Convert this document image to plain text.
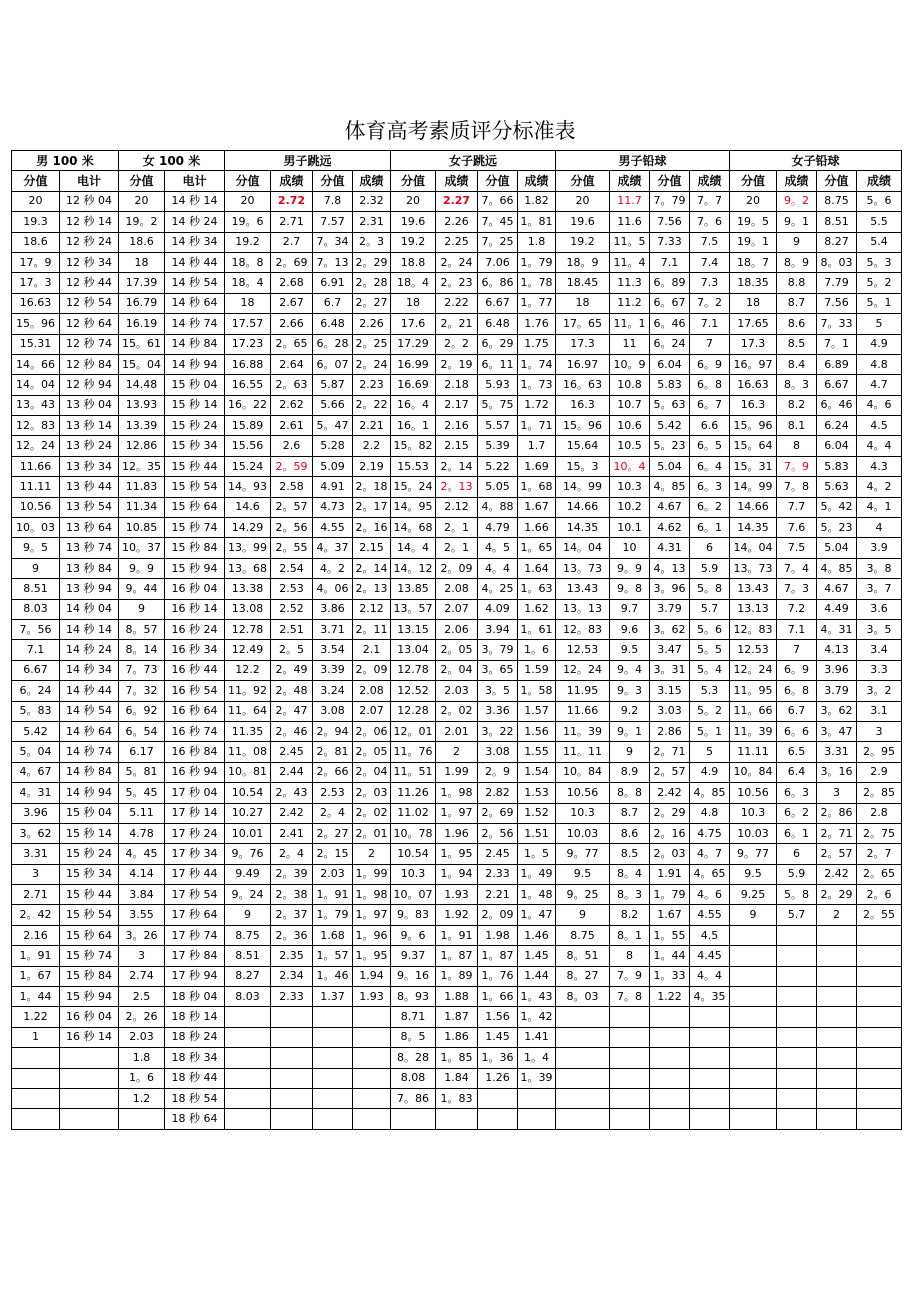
体育高考素质评分标准表
男 100 米		女 100 米		男子跳远				女子跳远				男子铅球				女子铅球			
分值	电计	分值	电计	分值	成绩	分值	成绩	分值	成绩	分值	成绩	分值	成绩	分值	成绩	分值	成绩	分值	成绩
20	12 秒 04	20	14 秒 14	20	2.72	7.8	2.32	20	2.27	7。66	1.82	20	11.7	7。79	7。7	20	9。2	8.75	5。6
19.3	12 秒 14	19。2	14 秒 24	19。6	2.71	7.57	2.31	19.6	2.26	7。45	1。81	19.6	11.6	7.56	7。6	19。5	9。1	8.51	5.5
18.6	12 秒 24	18.6	14 秒 34	19.2	2.7	7。34	2。3	19.2	2.25	7。25	1.8	19.2	11。5	7.33	7.5	19。1	9	8.27	5.4
17。9	12 秒 34	18	14 秒 44	18。8	2。69	7。13	2。29	18.8	2。24	7.06	1。79	18。9	11。4	7.1	7.4	18。7	8。9	8。03	5。3
17。3	12 秒 44	17.39	14 秒 54	18。4	2.68	6.91	2。28	18。4	2。23	6。86	1。78	18.45	11.3	6。89	7.3	18.35	8.8	7.79	5。2
16.63	12 秒 54	16.79	14 秒 64	18	2.67	6.7	2。27	18	2.22	6.67	1。77	18	11.2	6。67	7。2	18	8.7	7.56	5。1
15。96	12 秒 64	16.19	14 秒 74	17.57	2.66	6.48	2.26	17.6	2。21	6.48	1.76	17。65	11。1	6。46	7.1	17.65	8.6	7。33	5
15.31	12 秒 74	15。61	14 秒 84	17.23	2。65	6。28	2。25	17.29	2。2	6。29	1.75	17.3	11	6。24	7	17.3	8.5	7。1	4.9
14。66	12 秒 84	15。04	14 秒 94	16.88	2.64	6。07	2。24	16.99	2。19	6。11	1。74	16.97	10。9	6.04	6。9	16。97	8.4	6.89	4.8
14。04	12 秒 94	14.48	15 秒 04	16.55	2。63	5.87	2.23	16.69	2.18	5.93	1。73	16。63	10.8	5.83	6。8	16.63	8。3	6.67	4.7
13。43	13 秒 04	13.93	15 秒 14	16。22	2.62	5.66	2。22	16。4	2.17	5。75	1.72	16.3	10.7	5。63	6。7	16.3	8.2	6。46	4。6
12。83	13 秒 14	13.39	15 秒 24	15.89	2.61	5。47	2.21	16。1	2.16	5.57	1。71	15。96	10.6	5.42	6.6	15。96	8.1	6.24	4.5
12。24	13 秒 24	12.86	15 秒 34	15.56	2.6	5.28	2.2	15。82	2.15	5.39	1.7	15.64	10.5	5。23	6。5	15。64	8	6.04	4。4
11.66	13 秒 34	12。35	15 秒 44	15.24	2。59	5.09	2.19	15.53	2。14	5.22	1.69	15。3	10。4	5.04	6。4	15。31	7。9	5.83	4.3
11.11	13 秒 44	11.83	15 秒 54	14。93	2.58	4.91	2。18	15。24	2。13	5.05	1。68	14。99	10.3	4。85	6。3	14。99	7。8	5.63	4。2
10.56	13 秒 54	11.34	15 秒 64	14.6	2。57	4.73	2。17	14。95	2.12	4。88	1.67	14.66	10.2	4.67	6。2	14.66	7.7	5。42	4。1
10。03	13 秒 64	10.85	15 秒 74	14.29	2。56	4.55	2。16	14。68	2。1	4.79	1.66	14.35	10.1	4.62	6。1	14.35	7.6	5。23	4
9。5	13 秒 74	10。37	15 秒 84	13。99	2。55	4。37	2.15	14。4	2。1	4。5	1。65	14。04	10	4.31	6	14。04	7.5	5.04	3.9
9	13 秒 84	9。9	15 秒 94	13。68	2.54	4。2	2。14	14。12	2。09	4。4	1.64	13。73	9。9	4。13	5.9	13。73	7。4	4。85	3。8
8.51	13 秒 94	9。44	16 秒 04	13.38	2.53	4。06	2。13	13.85	2.08	4。25	1。63	13.43	9。8	3。96	5。8	13.43	7。3	4.67	3。7
8.03	14 秒 04	9	16 秒 14	13.08	2.52	3.86	2.12	13。57	2.07	4.09	1.62	13。13	9.7	3.79	5.7	13.13	7.2	4.49	3.6
7。56	14 秒 14	8。57	16 秒 24	12.78	2.51	3.71	2。11	13.15	2.06	3.94	1。61	12。83	9.6	3。62	5。6	12。83	7.1	4。31	3。5
7.1	14 秒 24	8。14	16 秒 34	12.49	2。5	3.54	2.1	13.04	2。05	3。79	1。6	12.53	9.5	3.47	5。5	12.53	7	4.13	3.4
6.67	14 秒 34	7。73	16 秒 44	12.2	2。49	3.39	2。09	12.78	2。04	3。65	1.59	12。24	9。4	3。31	5。4	12。24	6。9	3.96	3.3
6。24	14 秒 44	7。32	16 秒 54	11。92	2。48	3.24	2.08	12.52	2.03	3。5	1。58	11.95	9。3	3.15	5.3	11。95	6。8	3.79	3。2
5。83	14 秒 54	6。92	16 秒 64	11。64	2。47	3.08	2.07	12.28	2。02	3.36	1.57	11.66	9.2	3.03	5。2	11。66	6.7	3。62	3.1
5.42	14 秒 64	6。54	16 秒 74	11.35	2。46	2。94	2。06	12。01	2.01	3。22	1.56	11。39	9。1	2.86	5。1	11。39	6。6	3。47	3
5。04	14 秒 74	6.17	16 秒 84	11。08	2.45	2。81	2。05	11。76	2	3.08	1.55	11。11	9	2。71	5	11.11	6.5	3.31	2。95
4。67	14 秒 84	5。81	16 秒 94	10。81	2.44	2。66	2。04	11。51	1.99	2。9	1.54	10。84	8.9	2。57	4.9	10。84	6.4	3。16	2.9
4。31	14 秒 94	5。45	17 秒 04	10.54	2。43	2.53	2。03	11.26	1。98	2.82	1.53	10.56	8。8	2.42	4。85	10.56	6。3	3	2。85
3.96	15 秒 04	5.11	17 秒 14	10.27	2.42	2。4	2。02	11.02	1。97	2。69	1.52	10.3	8.7	2。29	4.8	10.3	6。2	2。86	2.8
3。62	15 秒 14	4.78	17 秒 24	10.01	2.41	2。27	2。01	10。78	1.96	2。56	1.51	10.03	8.6	2。16	4.75	10.03	6。1	2。71	2。75
3.31	15 秒 24	4。45	17 秒 34	9。76	2。4	2。15	2	10.54	1。95	2.45	1。5	9。77	8.5	2。03	4。7	9。77	6	2。57	2。7
3	15 秒 34	4.14	17 秒 44	9.49	2。39	2.03	1。99	10.3	1。94	2.33	1。49	9.5	8。4	1.91	4。65	9.5	5.9	2.42	2。65
2.71	15 秒 44	3.84	17 秒 54	9。24	2。38	1。91	1。98	10。07	1.93	2.21	1。48	9。25	8。3	1。79	4。6	9.25	5。8	2。29	2。6
2。42	15 秒 54	3.55	17 秒 64	9	2。37	1。79	1。97	9。83	1.92	2。09	1。47	9	8.2	1.67	4.55	9	5.7	2	2。55
2.16	15 秒 64	3。26	17 秒 74	8.75	2。36	1.68	1。96	9。6	1。91	1.98	1.46	8.75	8。1	1。55	4.5				
1。91	15 秒 74	3	17 秒 84	8.51	2.35	1。57	1。95	9.37	1。87	1。87	1.45	8。51	8	1。44	4.45				
1。67	15 秒 84	2.74	17 秒 94	8.27	2.34	1。46	1.94	9。16	1。89	1。76	1.44	8。27	7。9	1。33	4。4				
1。44	15 秒 94	2.5	18 秒 04	8.03	2.33	1.37	1.93	8。93	1.88	1。66	1。43	8。03	7。8	1.22	4。35				
1.22	16 秒 04	2。26	18 秒 14					8.71	1.87	1.56	1。42								
1	16 秒 14	2.03	18 秒 24					8。5	1.86	1.45	1.41								
		1.8	18 秒 34					8。28	1。85	1。36	1。4								
		1。6	18 秒 44					8.08	1.84	1.26	1。39								
		1.2	18 秒 54					7。86	1。83										
			18 秒 64																
